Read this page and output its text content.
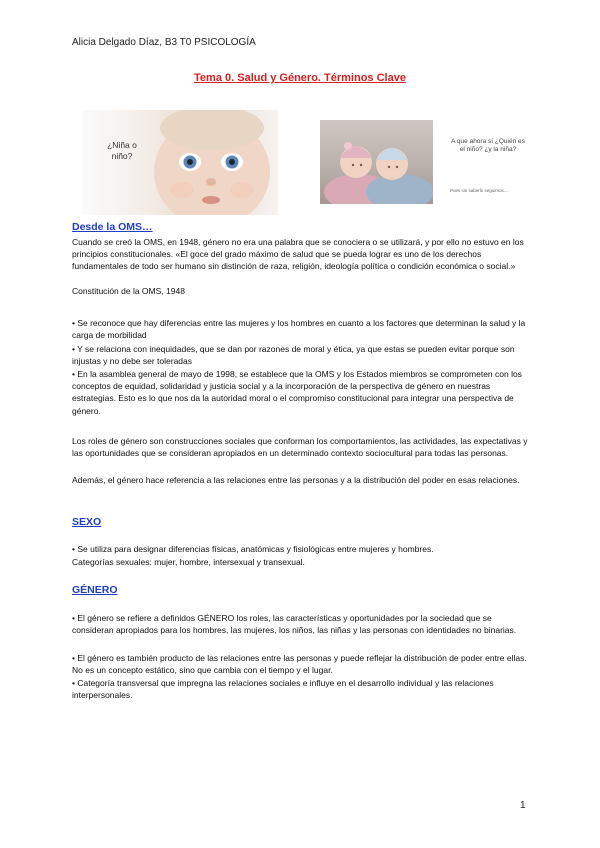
Alicia Delgado Díaz, B3 T0 PSICOLOGÍA
Tema 0. Salud y Género. Términos Clave
¿Niña o niño?
A que ahora sí ¿Quién es el niño? ¿y la niña?
Pues sin saberlo seguimos....
Desde la OMS…
Cuando se creó la OMS, en 1948, género no era una palabra que se conociera o se utilizará, y por ello no estuvo en los principios constitucionales. «El goce del grado máximo de salud que se pueda lograr es uno de los derechos fundamentales de todo ser humano sin distinción de raza, religión, ideología política o condición económica o social.»
Constitución de la OMS, 1948
• Se reconoce que hay diferencias entre las mujeres y los hombres en cuanto a los factores que determinan la salud y la carga de morbilidad
• Y se relaciona con inequidades, que se dan por razones de moral y ética, ya que estas se pueden evitar porque son injustas y no debe ser toleradas
• En la asamblea general de mayo de 1998, se establece que la OMS y los Estados miembros se comprometen con los conceptos de equidad, solidaridad y justicia social y a la incorporación de la perspectiva de género en nuestras estrategias. Esto es lo que nos da la autoridad moral o el compromiso constitucional para integrar una perspectiva de género.
Los roles de género son construcciones sociales que conforman los comportamientos, las actividades, las expectativas y las oportunidades que se consideran apropiados en un determinado contexto sociocultural para todas las personas.
Además, el género hace referencia a las relaciones entre las personas y a la distribución del poder en esas relaciones.
SEXO
• Se utiliza para designar diferencias físicas, anatómicas y fisiológicas entre mujeres y hombres.
Categorías sexuales: mujer, hombre, intersexual y transexual.
GÉNERO
• El género se refiere a definidos GÉNERO los roles, las características y oportunidades por la sociedad que se consideran apropiados para los hombres, las mujeres, los niños, las niñas y las personas con identidades no binarias.
• El género es también producto de las relaciones entre las personas y puede reflejar la distribución de poder entre ellas. No es un concepto estático, sino que cambia con el tiempo y el lugar.
• Categoría transversal que impregna las relaciones sociales e influye en el desarrollo individual y las relaciones interpersonales.
1
